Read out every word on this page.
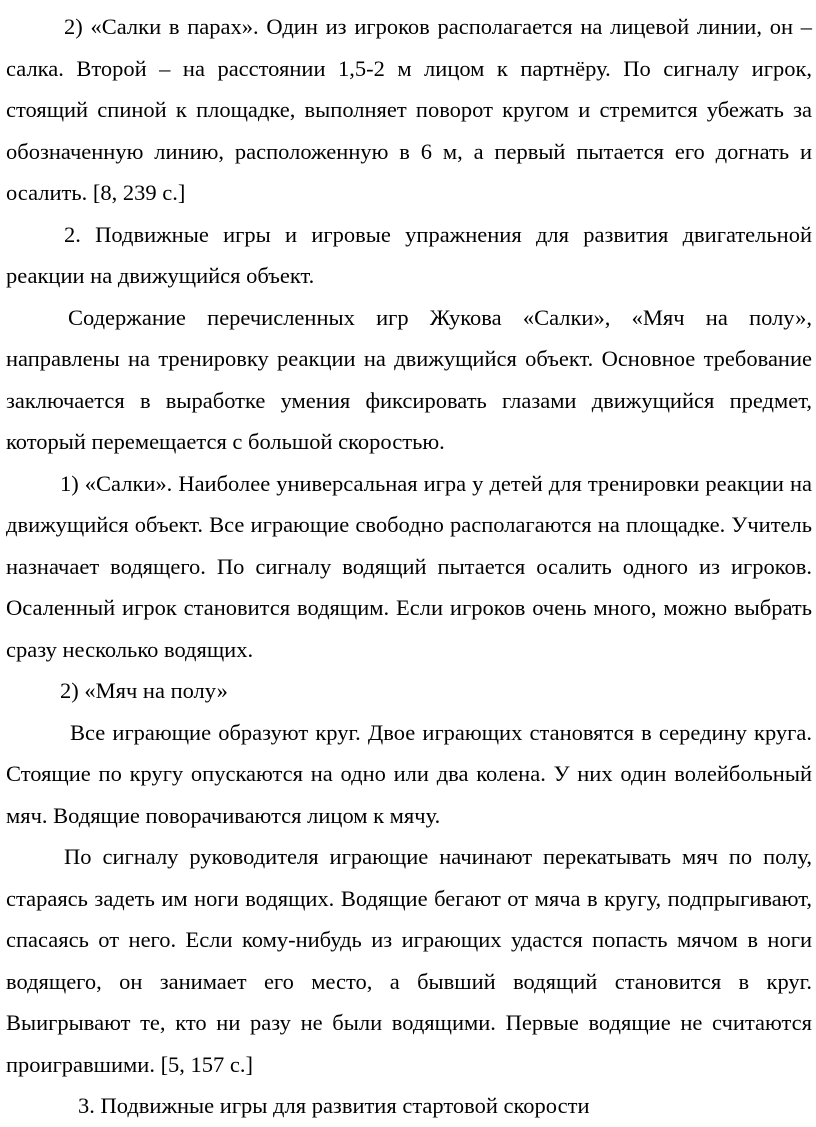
2) «Салки в парах». Один из игроков располагается на лицевой линии, он – салка. Второй – на расстоянии 1,5-2 м лицом к партнёру. По сигналу игрок, стоящий спиной к площадке, выполняет поворот кругом и стремится убежать за обозначенную линию, расположенную в 6 м, а первый пытается его догнать и осалить. [8, 239 с.]

2. Подвижные игры и игровые упражнения для развития двигательной реакции на движущийся объект.

Содержание перечисленных игр Жукова «Салки», «Мяч на полу», направлены на тренировку реакции на движущийся объект. Основное требование заключается в выработке умения фиксировать глазами движущийся предмет, который перемещается с большой скоростью.

1) «Салки». Наиболее универсальная игра у детей для тренировки реакции на движущийся объект. Все играющие свободно располагаются на площадке. Учитель назначает водящего. По сигналу водящий пытается осалить одного из игроков. Осаленный игрок становится водящим. Если игроков очень много, можно выбрать сразу несколько водящих.

2) «Мяч на полу»

Все играющие образуют круг. Двое играющих становятся в середину круга. Стоящие по кругу опускаются на одно или два колена. У них один волейбольный мяч. Водящие поворачиваются лицом к мячу.

По сигналу руководителя играющие начинают перекатывать мяч по полу, стараясь задеть им ноги водящих. Водящие бегают от мяча в кругу, подпрыгивают, спасаясь от него. Если кому-нибудь из играющих удастся попасть мячом в ноги водящего, он занимает его место, а бывший водящий становится в круг. Выигрывают те, кто ни разу не были водящими. Первые водящие не считаются проигравшими. [5, 157 с.]

3. Подвижные игры для развития стартовой скорости
